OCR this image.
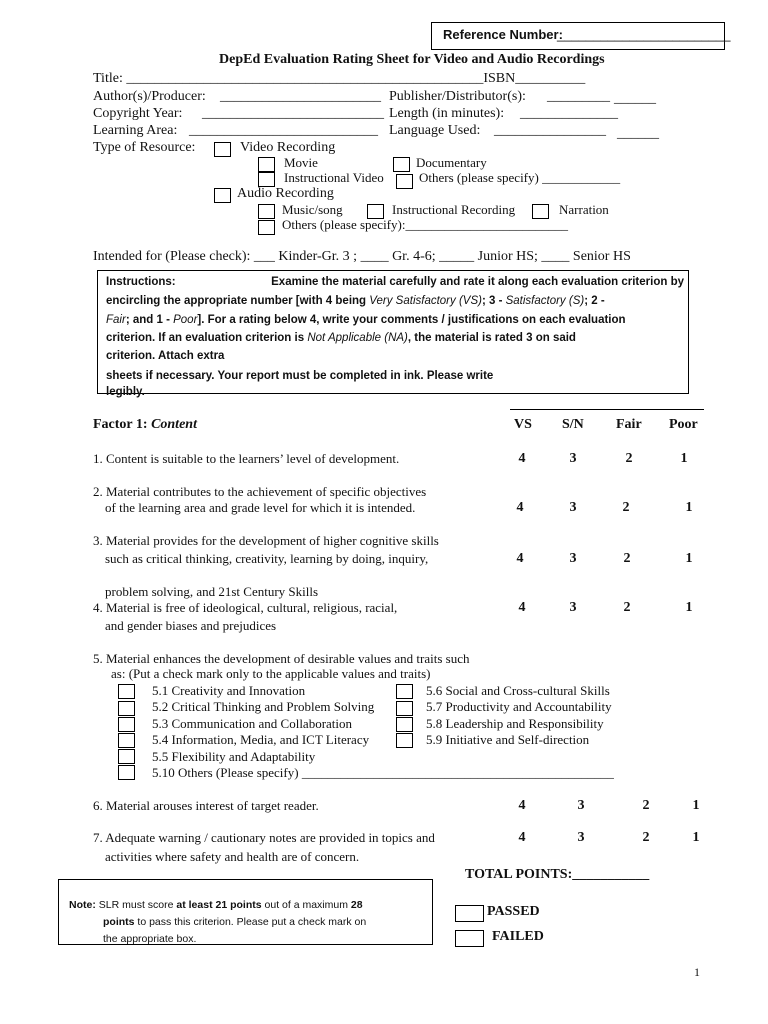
Reference Number:
________________________
DepEd Evaluation Rating Sheet for Video and Audio Recordings
Title: ___________________________________________________ISBN__________
Author(s)/Producer: _______________________ Publisher/Distributor(s): _________ ______
Copyright Year: __________________________ Length (in minutes): ______________
Learning Area: ___________________________ Language Used: ________________ ______
Type of Resource:	Video Recording
Movie	Documentary
Instructional Video	Others (please specify) ____________
Audio Recording
Music/song	Instructional Recording	Narration
Others (please specify):_________________________
Intended for (Please check): ___ Kinder-Gr. 3 ; ____ Gr. 4-6; _____ Junior HS; ____ Senior HS
Instructions:	Examine the material carefully and rate it along each evaluation criterion by
encircling the appropriate number [with 4 being Very Satisfactory (VS); 3 - Satisfactory (S); 2 -
Fair; and 1 - Poor]. For a rating below 4, write your comments / justifications on each evaluation
criterion. If an evaluation criterion is Not Applicable (NA), the material is rated 3 on said
criterion. Attach extra
sheets if necessary. Your report must be completed in ink. Please write
legibly.
Factor 1: Content	VS S/N Fair Poor
1. Content is suitable to the learners’ level of development.	4	3	2	1
2. Material contributes to the achievement of specific objectives
of the learning area and grade level for which it is intended.	4	3	2	1
3. Material provides for the development of higher cognitive skills
such as critical thinking, creativity, learning by doing, inquiry,
problem solving, and 21st Century Skills
4	3	2	1
4. Material is free of ideological, cultural, religious, racial,
and gender biases and prejudices
4	3	2	1
5. Material enhances the development of desirable values and traits such
as: (Put a check mark only to the applicable values and traits)
5.1 Creativity and Innovation
5.2 Critical Thinking and Problem Solving
5.3 Communication and Collaboration
5.4 Information, Media, and ICT Literacy
5.5 Flexibility and Adaptability
5.10 Others (Please specify) ________________________________________________
5.6 Social and Cross-cultural Skills
5.7 Productivity and Accountability
5.8 Leadership and Responsibility
5.9 Initiative and Self-direction
6. Material arouses interest of target reader.	4	3	2	1
7. Adequate warning / cautionary notes are provided in topics and
activities where safety and health are of concern.
4	3	2	1
TOTAL POINTS:___________
Note: SLR must score at least 21 points out of a maximum 28
points to pass this criterion. Please put a check mark on
the appropriate box.
PASSED
FAILED
1
